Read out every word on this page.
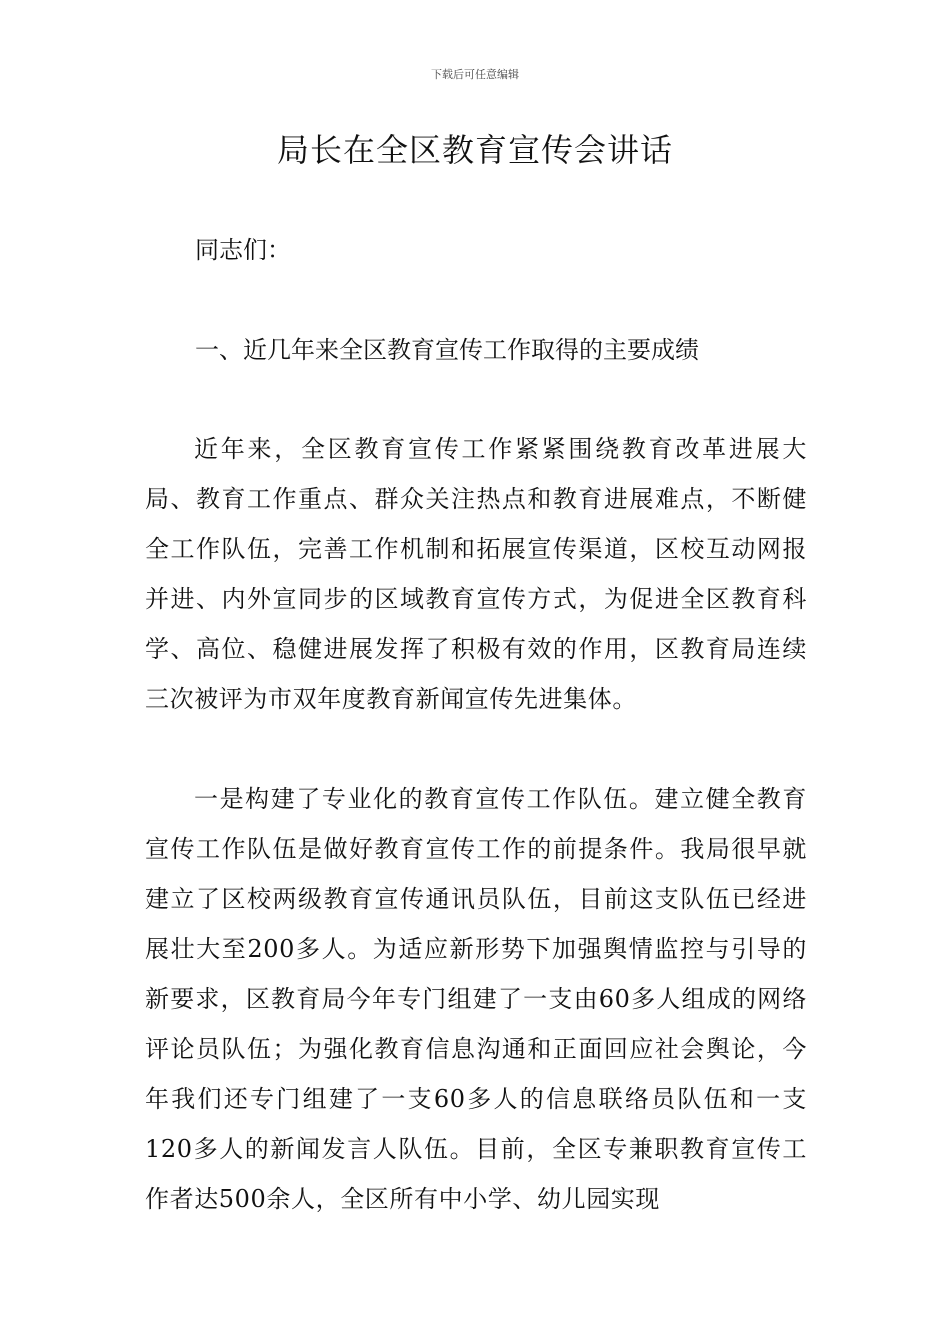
下载后可任意编辑
局长在全区教育宣传会讲话
同志们：
一、近几年来全区教育宣传工作取得的主要成绩

近年来，全区教育宣传工作紧紧围绕教育改革进展大局、教育工作重点、群众关注热点和教育进展难点，不断健全工作队伍，完善工作机制和拓展宣传渠道，区校互动网报并进、内外宣同步的区域教育宣传方式，为促进全区教育科学、高位、稳健进展发挥了积极有效的作用，区教育局连续三次被评为市双年度教育新闻宣传先进集体。

一是构建了专业化的教育宣传工作队伍。建立健全教育宣传工作队伍是做好教育宣传工作的前提条件。我局很早就建立了区校两级教育宣传通讯员队伍，目前这支队伍已经进展壮大至200多人。为适应新形势下加强舆情监控与引导的新要求，区教育局今年专门组建了一支由60多人组成的网络评论员队伍；为强化教育信息沟通和正面回应社会舆论，今年我们还专门组建了一支60多人的信息联络员队伍和一支120多人的新闻发言人队伍。目前，全区专兼职教育宣传工作者达500余人，全区所有中小学、幼儿园实现
